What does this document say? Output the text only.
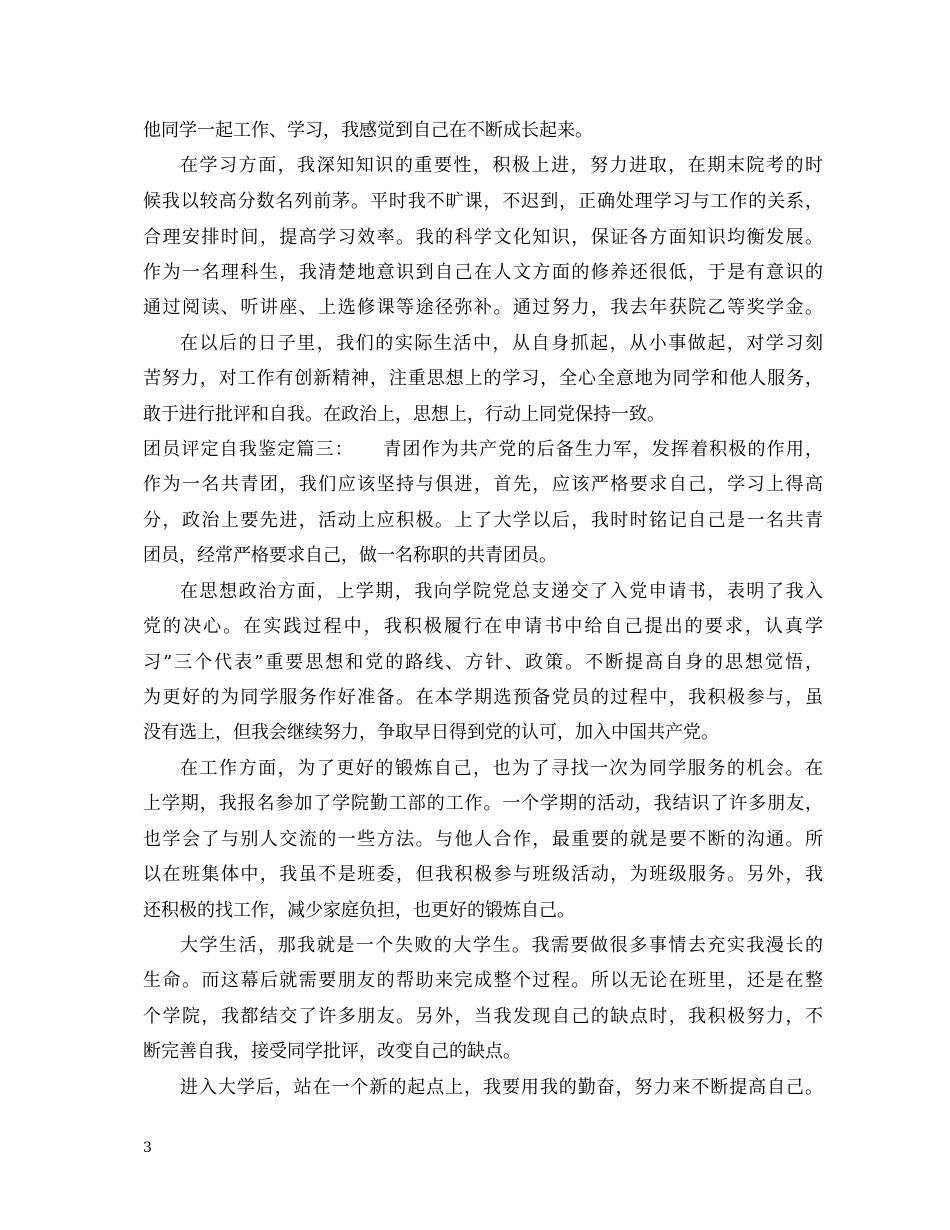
他同学一起工作、学习，我感觉到自己在不断成长起来。
在学习方面，我深知知识的重要性，积极上进，努力进取，在期末院考的时
候我以较高分数名列前茅。平时我不旷课，不迟到，正确处理学习与工作的关系，
合理安排时间，提高学习效率。我的科学文化知识，保证各方面知识均衡发展。
作为一名理科生，我清楚地意识到自己在人文方面的修养还很低，于是有意识的
通过阅读、听讲座、上选修课等途径弥补。通过努力，我去年获院乙等奖学金。
在以后的日子里，我们的实际生活中，从自身抓起，从小事做起，对学习刻
苦努力，对工作有创新精神，注重思想上的学习，全心全意地为同学和他人服务，
敢于进行批评和自我。在政治上，思想上，行动上同党保持一致。
团员评定自我鉴定篇三：　　青团作为共产党的后备生力军，发挥着积极的作用，
作为一名共青团，我们应该坚持与俱进，首先，应该严格要求自己，学习上得高
分，政治上要先进，活动上应积极。上了大学以后，我时时铭记自己是一名共青
团员，经常严格要求自己，做一名称职的共青团员。
在思想政治方面，上学期，我向学院党总支递交了入党申请书，表明了我入
党的决心。在实践过程中，我积极履行在申请书中给自己提出的要求，认真学
习”三个代表”重要思想和党的路线、方针、政策。不断提高自身的思想觉悟，
为更好的为同学服务作好准备。在本学期选预备党员的过程中，我积极参与，虽
没有选上，但我会继续努力，争取早日得到党的认可，加入中国共产党。
在工作方面，为了更好的锻炼自己，也为了寻找一次为同学服务的机会。在
上学期，我报名参加了学院勤工部的工作。一个学期的活动，我结识了许多朋友，
也学会了与别人交流的一些方法。与他人合作，最重要的就是要不断的沟通。所
以在班集体中，我虽不是班委，但我积极参与班级活动，为班级服务。另外，我
还积极的找工作，减少家庭负担，也更好的锻炼自己。
大学生活，那我就是一个失败的大学生。我需要做很多事情去充实我漫长的
生命。而这幕后就需要朋友的帮助来完成整个过程。所以无论在班里，还是在整
个学院，我都结交了许多朋友。另外，当我发现自己的缺点时，我积极努力，不
断完善自我，接受同学批评，改变自己的缺点。
进入大学后，站在一个新的起点上，我要用我的勤奋，努力来不断提高自己。
3
